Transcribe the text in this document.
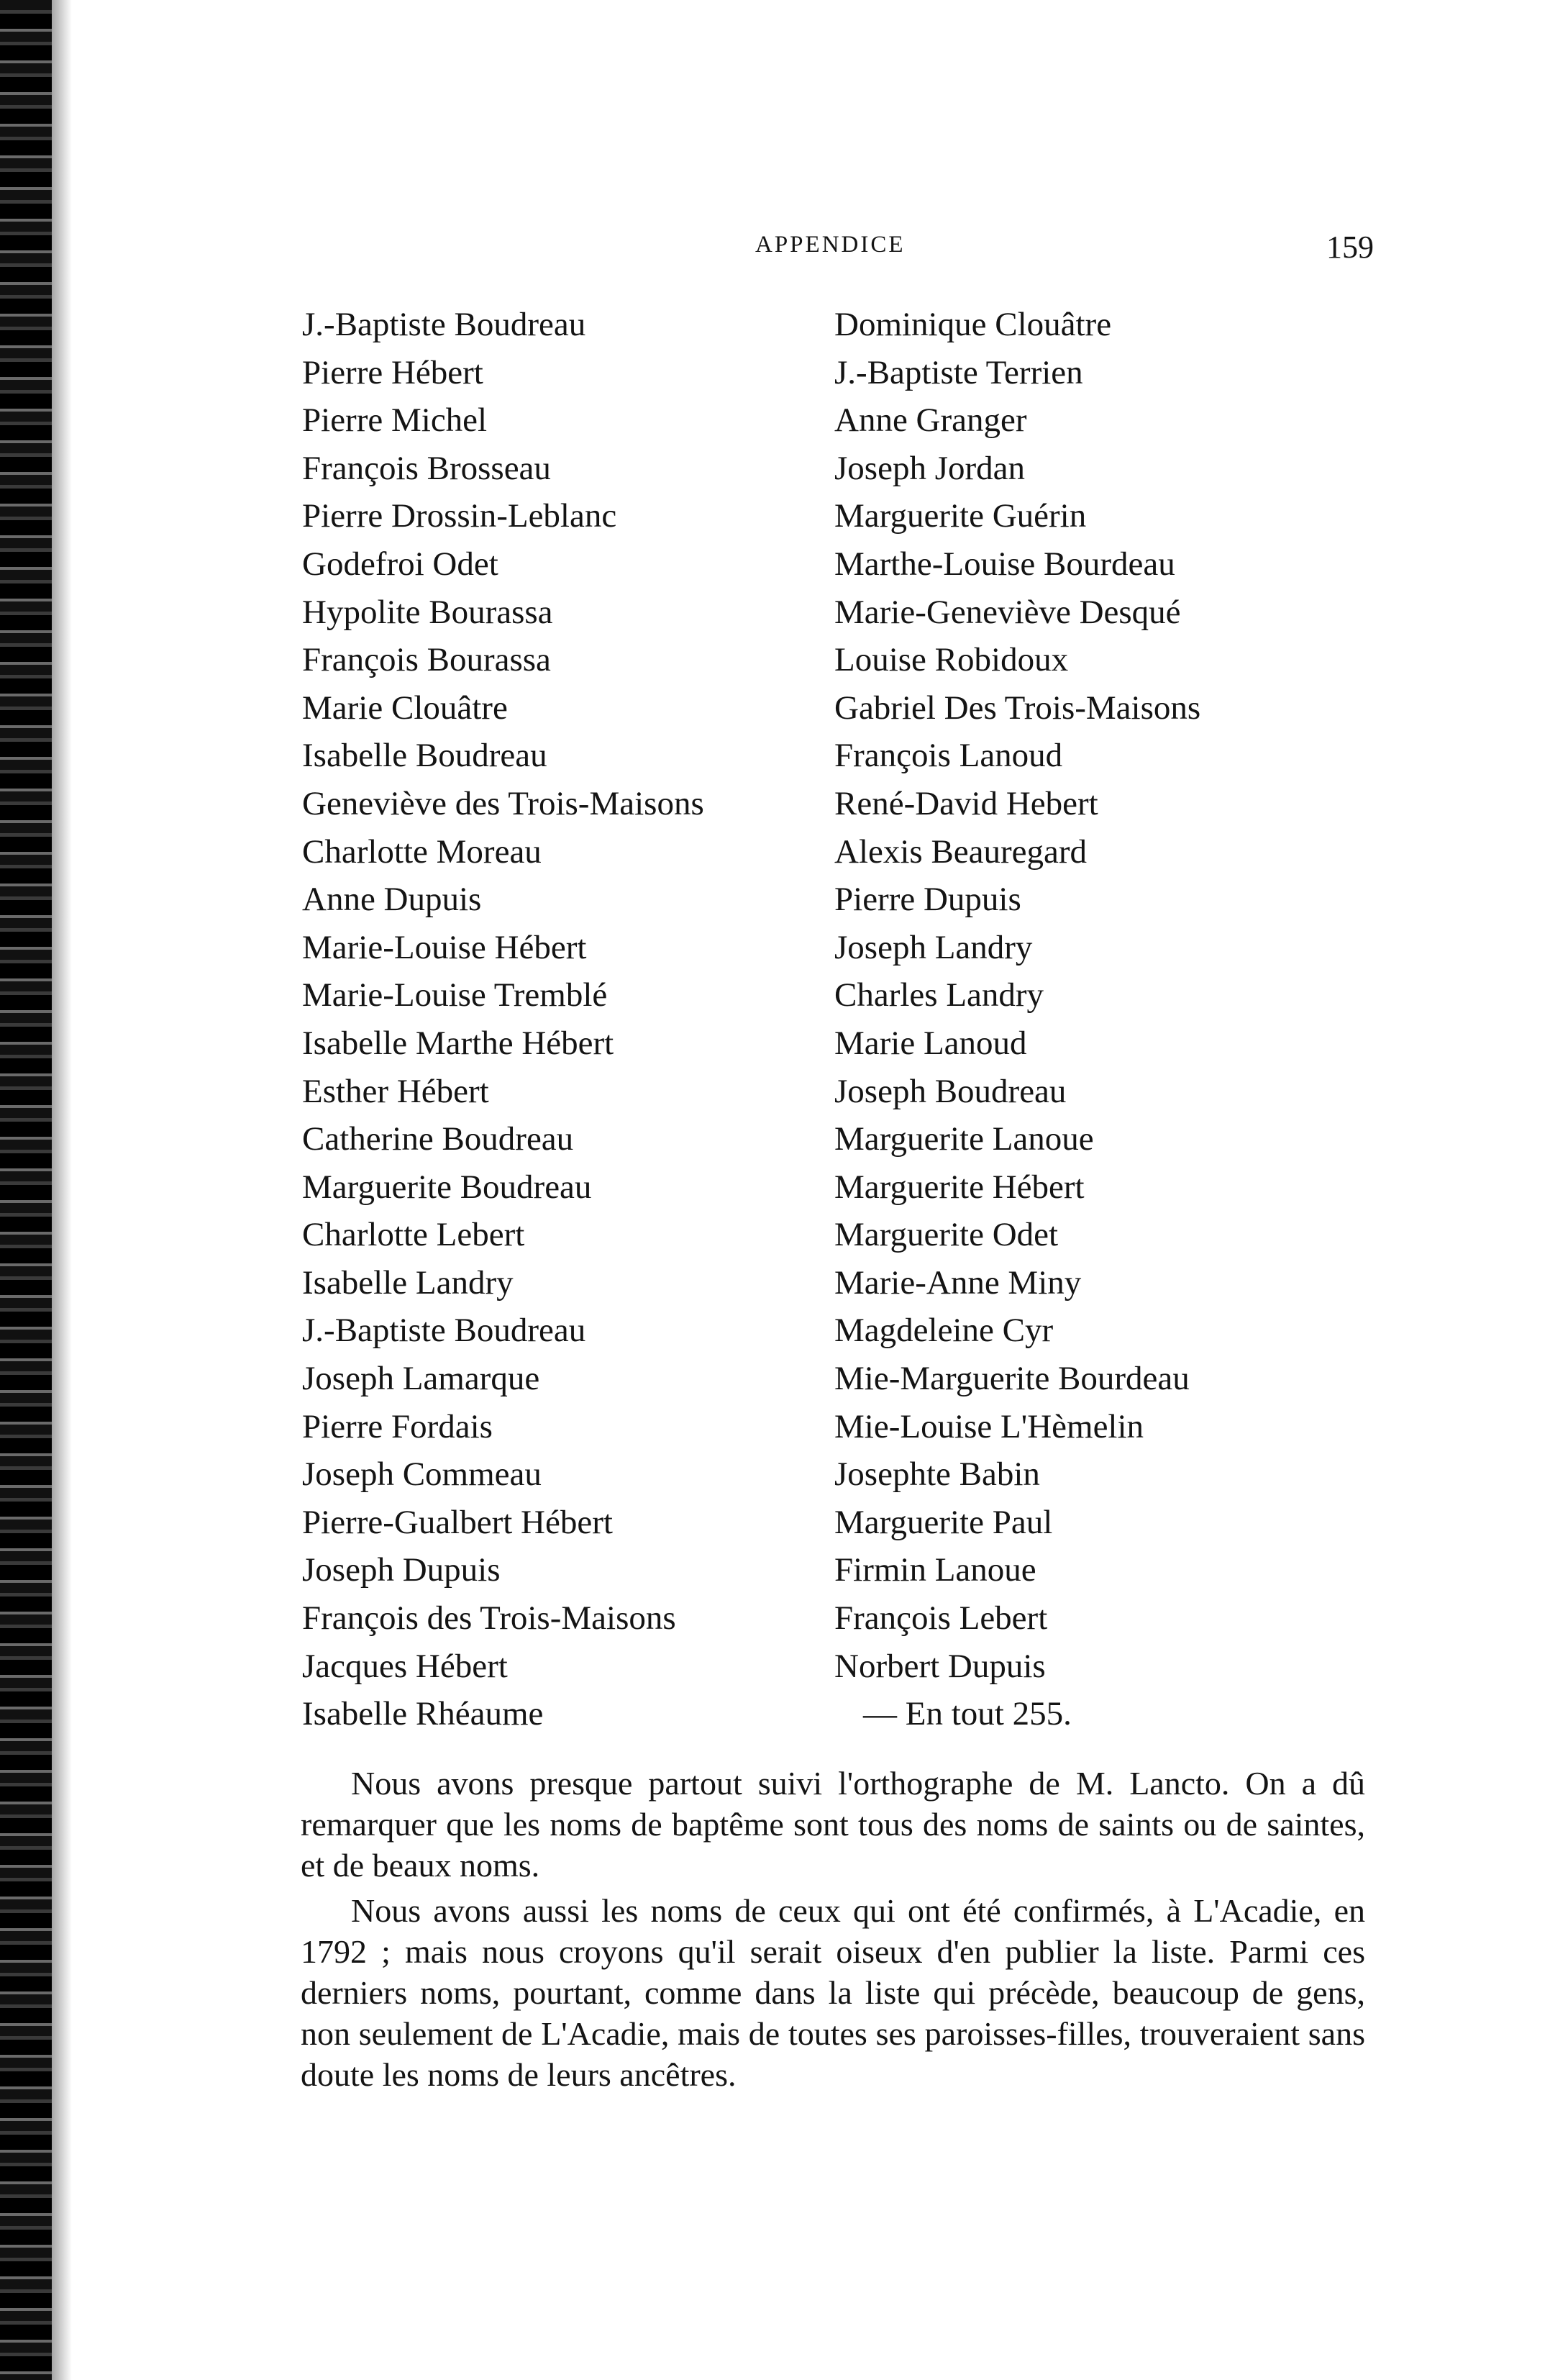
APPENDICE	159
J.-Baptiste Boudreau
Pierre Hébert
Pierre Michel
François Brosseau
Pierre Drossin-Leblanc
Godefroi Odet
Hypolite Bourassa
François Bourassa
Marie Clouâtre
Isabelle Boudreau
Geneviève des Trois-Maisons
Charlotte Moreau
Anne Dupuis
Marie-Louise Hébert
Marie-Louise Tremblé
Isabelle Marthe Hébert
Esther Hébert
Catherine Boudreau
Marguerite Boudreau
Charlotte Lebert
Isabelle Landry
J.-Baptiste Boudreau
Joseph Lamarque
Pierre Fordais
Joseph Commeau
Pierre-Gualbert Hébert
Joseph Dupuis
François des Trois-Maisons
Jacques Hébert
Isabelle Rhéaume
Dominique Clouâtre
J.-Baptiste Terrien
Anne Granger
Joseph Jordan
Marguerite Guérin
Marthe-Louise Bourdeau
Marie-Geneviève Desqué
Louise Robidoux
Gabriel Des Trois-Maisons
François Lanoud
René-David Hebert
Alexis Beauregard
Pierre Dupuis
Joseph Landry
Charles Landry
Marie Lanoud
Joseph Boudreau
Marguerite Lanoue
Marguerite Hébert
Marguerite Odet
Marie-Anne Miny
Magdeleine Cyr
Mie-Marguerite Bourdeau
Mie-Louise L'Hèmelin
Josephte Babin
Marguerite Paul
Firmin Lanoue
François Lebert
Norbert Dupuis
— En tout 255.

Nous avons presque partout suivi l'orthographe de M. Lancto. On a dû remarquer que les noms de baptême sont tous des noms de saints ou de saintes, et de beaux noms.

Nous avons aussi les noms de ceux qui ont été confirmés, à L'Acadie, en 1792 ; mais nous croyons qu'il serait oiseux d'en publier la liste. Parmi ces derniers noms, pourtant, comme dans la liste qui précède, beaucoup de gens, non seulement de L'Acadie, mais de toutes ses paroisses-filles, trouveraient sans doute les noms de leurs ancêtres.
